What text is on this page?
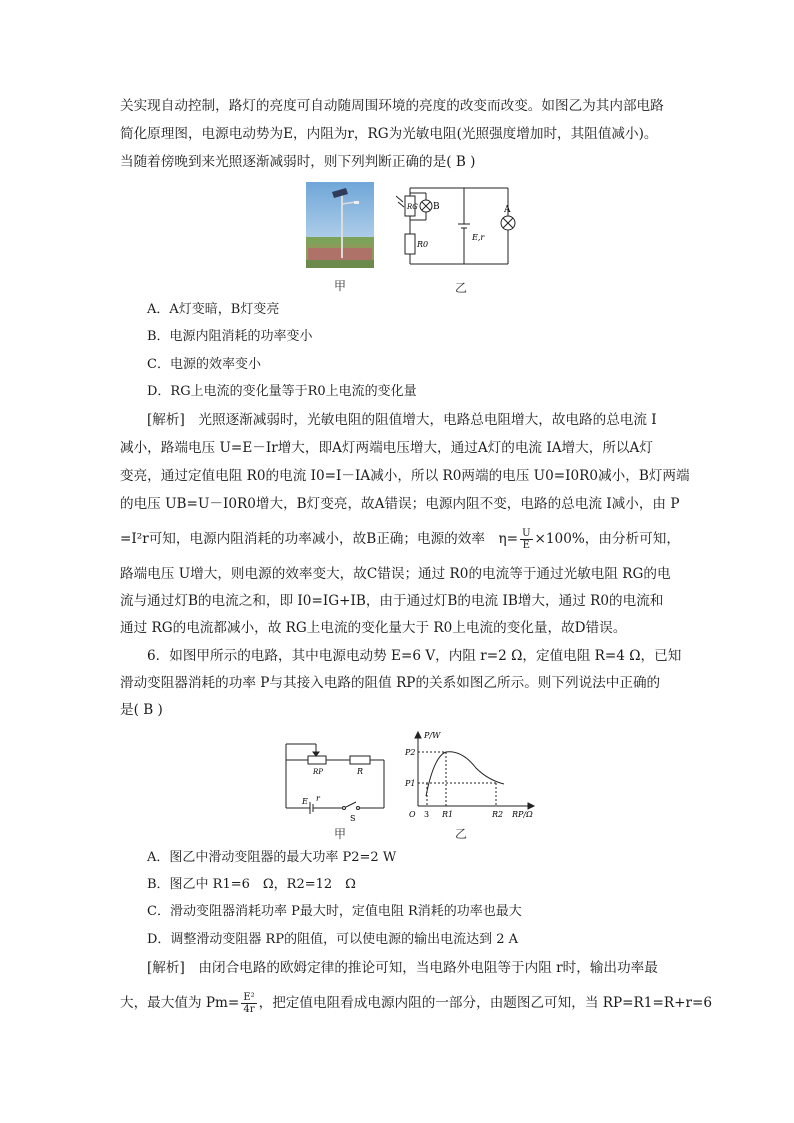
关实现自动控制，路灯的亮度可自动随周围环境的亮度的改变而改变。如图乙为其内部电路
简化原理图，电源电动势为E，内阻为r，RG为光敏电阻(光照强度增加时，其阻值减小)。
当随着傍晚到来光照逐渐减弱时，则下列判断正确的是( B )
甲
RG B	A
R0
E,r
乙
A．A灯变暗，B灯变亮
B．电源内阻消耗的功率变小
C．电源的效率变小
D．RG上电流的变化量等于R0上电流的变化量
[解析]　光照逐渐减弱时，光敏电阻的阻值增大，电路总电阻增大，故电路的总电流 I
减小，路端电压 U=E－Ir增大，即A灯两端电压增大，通过A灯的电流 IA增大，所以A灯
变亮，通过定值电阻 R0的电流 I0=I－IA减小，所以 R0两端的电压 U0=I0R0减小，B灯两端
的电压 UB=U－I0R0增大，B灯变亮，故A错误；电源内阻不变，电路的总电流 I减小，由 P
=I²r可知，电源内阻消耗的功率减小，故B正确；电源的效率　$\eta= \frac{U}{E} \times 100\%$，由分析可知，
路端电压 U增大，则电源的效率变大，故C错误；通过 R0的电流等于通过光敏电阻 RG的电
流与通过灯B的电流之和，即 I0=IG+IB，由于通过灯B的电流 IB增大，通过 R0的电流和
通过 RG的电流都减小，故 RG上电流的变化量大于 R0上电流的变化量，故D错误。
6．如图甲所示的电路，其中电源电动势 E=6 V，内阻 r=2 Ω，定值电阻 R=4 Ω，已知
滑动变阻器消耗的功率 P与其接入电路的阻值 RP的关系如图乙所示。则下列说法中正确的
是( B )
RP	R
E r
S
甲
P/W
P2
P1
O 3 R1	R2 RP/Ω
乙
A．图乙中滑动变阻器的最大功率 P2=2 W
B．图乙中 R1=6　Ω，R2=12　Ω
C．滑动变阻器消耗功率 P最大时，定值电阻 R消耗的功率也最大
D．调整滑动变阻器 RP的阻值，可以使电源的输出电流达到 2 A
[解析]　由闭合电路的欧姆定律的推论可知，当电路外电阻等于内阻 r时，输出功率最
大，最大值为 $Pm= \frac{\text{E²}}{4r}$ ，把定值电阻看成电源内阻的一部分，由题图乙可知，当 RP=R1=R+r=6
